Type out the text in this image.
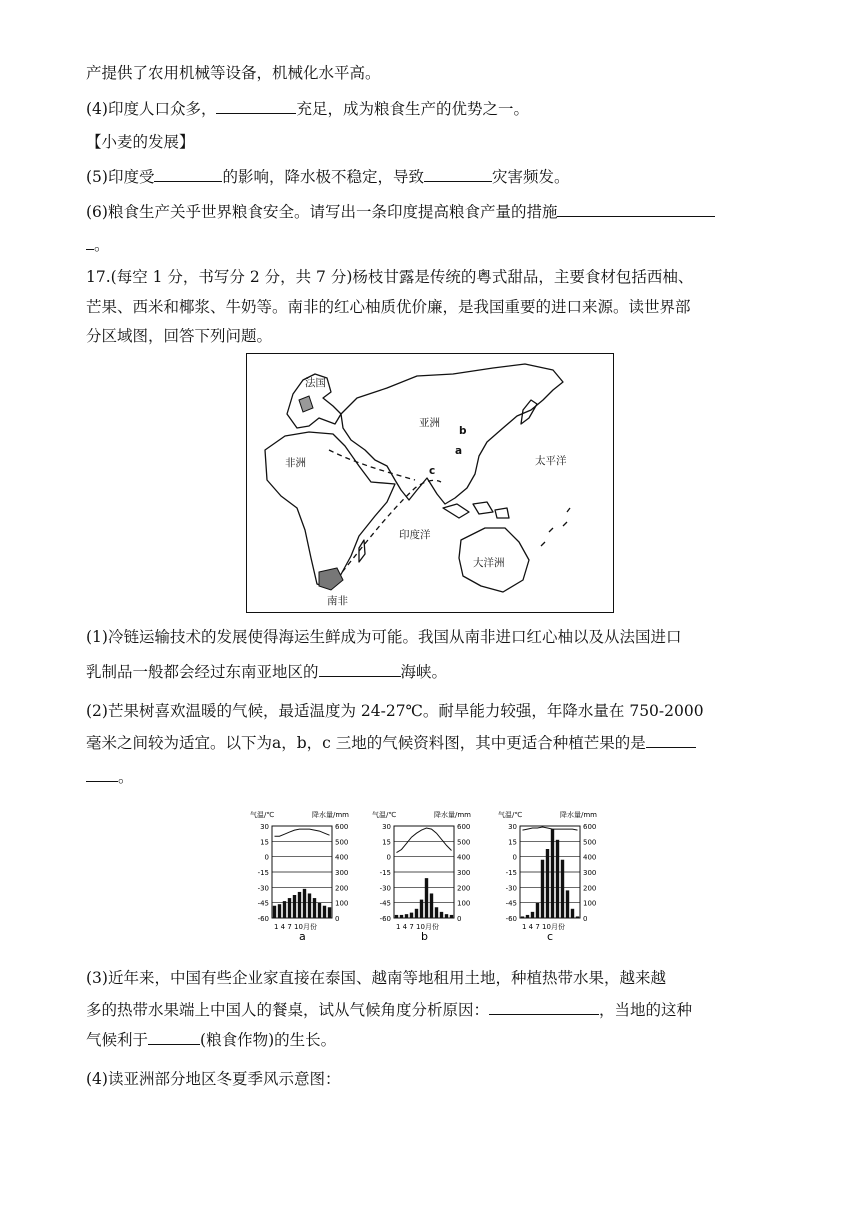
产提供了农用机械等设备，机械化水平高。
(4)印度人口众多，	充足，成为粮食生产的优势之一。
【小麦的发展】
(5)印度受	的影响，降水极不稳定，导致	灾害频发。
(6)粮食生产关乎世界粮食安全。请写出一条印度提高粮食产量的措施
。
17.(每空 1 分，书写分 2 分，共 7 分)杨枝甘露是传统的粤式甜品，主要食材包括西柚、
芒果、西米和椰浆、牛奶等。南非的红心柚质优价廉，是我国重要的进口来源。读世界部
分区域图，回答下列问题。
法国
亚洲
非洲	太平洋
印度洋
大洋洲
南非
b
a
c
(1)冷链运输技术的发展使得海运生鲜成为可能。我国从南非进口红心柚以及从法国进口
乳制品一般都会经过东南亚地区的	海峡。
(2)芒果树喜欢温暖的气候，最适温度为 24-27℃。耐旱能力较强，年降水量在 750-2000
毫米之间较为适宜。以下为a，b，c 三地的气候资料图，其中更适合种植芒果的是
。
气温/℃	降水量/mm
30
15
0
-15
-30
-45
-60
600
500
400
300
200
100
0
1 4 7 10月份
a
气温/℃	降水量/mm
30
15
0
-15
-30
-45
-60
600
500
400
300
200
100
0
1 4 7 10月份
b
气温/℃	降水量/mm
30
15
0
-15
-30
-45
-60
600
500
400
300
200
100
0
1 4 7 10月份
c
(3)近年来，中国有些企业家直接在泰国、越南等地租用土地，种植热带水果，越来越
多的热带水果端上中国人的餐桌，试从气候角度分析原因：	，当地的这种
气候利于	(粮食作物)的生长。
(4)读亚洲部分地区冬夏季风示意图：
